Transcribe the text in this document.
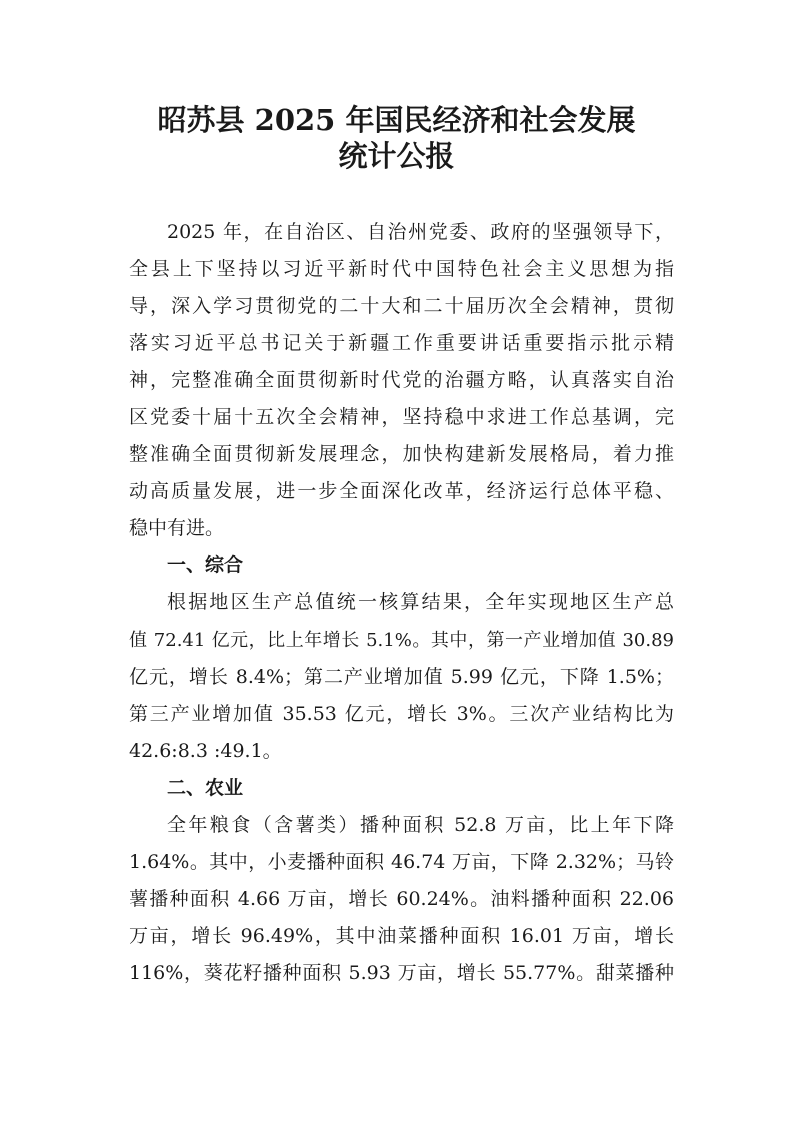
昭苏县 2025 年国民经济和社会发展
统计公报
2025 年，在自治区、自治州党委、政府的坚强领导下，
全县上下坚持以习近平新时代中国特色社会主义思想为指
导，深入学习贯彻党的二十大和二十届历次全会精神，贯彻
落实习近平总书记关于新疆工作重要讲话重要指示批示精
神，完整准确全面贯彻新时代党的治疆方略，认真落实自治
区党委十届十五次全会精神，坚持稳中求进工作总基调，完
整准确全面贯彻新发展理念，加快构建新发展格局，着力推
动高质量发展，进一步全面深化改革，经济运行总体平稳、
稳中有进。
一、综合
根据地区生产总值统一核算结果，全年实现地区生产总
值 72.41 亿元，比上年增长 5.1%。其中，第一产业增加值 30.89
亿元，增长 8.4%；第二产业增加值 5.99 亿元，下降 1.5%；
第三产业增加值 35.53 亿元，增长 3%。三次产业结构比为
42.6:8.3 :49.1。
二、农业
全年粮食（含薯类）播种面积 52.8 万亩，比上年下降
1.64%。其中，小麦播种面积 46.74 万亩，下降 2.32%；马铃
薯播种面积 4.66 万亩，增长 60.24%。油料播种面积 22.06
万亩，增长 96.49%，其中油菜播种面积 16.01 万亩，增长
116%，葵花籽播种面积 5.93 万亩，增长 55.77%。甜菜播种
